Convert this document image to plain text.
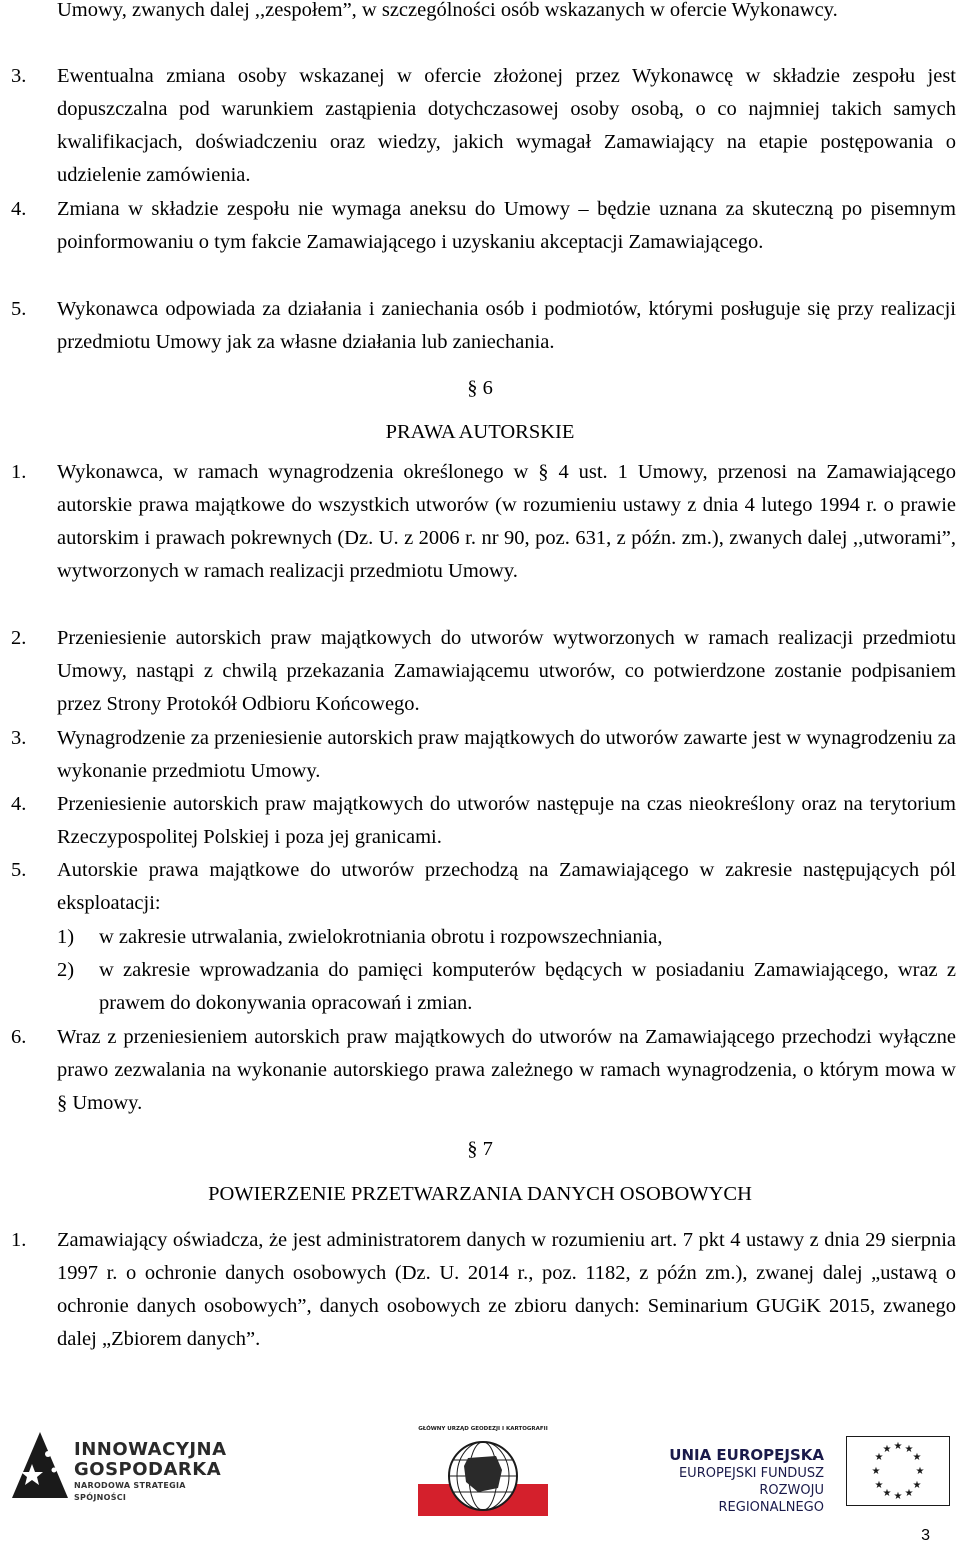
Umowy, zwanych dalej ,,zespołem”, w szczególności osób wskazanych w ofercie Wykonawcy.
3. Ewentualna zmiana osoby wskazanej w ofercie złożonej przez Wykonawcę w składzie zespołu jest dopuszczalna pod warunkiem zastąpienia dotychczasowej osoby osobą, o co najmniej takich samych kwalifikacjach, doświadczeniu oraz wiedzy, jakich wymagał Zamawiający na etapie postępowania o udzielenie zamówienia.
4. Zmiana w składzie zespołu nie wymaga aneksu do Umowy – będzie uznana za skuteczną po pisemnym poinformowaniu o tym fakcie Zamawiającego i uzyskaniu akceptacji Zamawiającego.
5. Wykonawca odpowiada za działania i zaniechania osób i podmiotów, którymi posługuje się przy realizacji przedmiotu Umowy jak za własne działania lub zaniechania.
§ 6
PRAWA AUTORSKIE
1. Wykonawca, w ramach wynagrodzenia określonego w § 4 ust. 1 Umowy, przenosi na Zamawiającego autorskie prawa majątkowe do wszystkich utworów (w rozumieniu ustawy z dnia 4 lutego 1994 r. o prawie autorskim i prawach pokrewnych (Dz. U. z 2006 r. nr 90, poz. 631, z późn. zm.), zwanych dalej ,,utworami”, wytworzonych w ramach realizacji przedmiotu Umowy.
2. Przeniesienie autorskich praw majątkowych do utworów wytworzonych w ramach realizacji przedmiotu Umowy, nastąpi z chwilą przekazania Zamawiającemu utworów, co potwierdzone zostanie podpisaniem przez Strony Protokół Odbioru Końcowego.
3. Wynagrodzenie za przeniesienie autorskich praw majątkowych do utworów zawarte jest w wynagrodzeniu za wykonanie przedmiotu Umowy.
4. Przeniesienie autorskich praw majątkowych do utworów następuje na czas nieokreślony oraz na terytorium Rzeczypospolitej Polskiej i poza jej granicami.
5. Autorskie prawa majątkowe do utworów przechodzą na Zamawiającego w zakresie następujących pól eksploatacji:
1) w zakresie utrwalania, zwielokrotniania obrotu i rozpowszechniania,
2) w zakresie wprowadzania do pamięci komputerów będących w posiadaniu Zamawiającego, wraz z prawem do dokonywania opracowań i zmian.
6. Wraz z przeniesieniem autorskich praw majątkowych do utworów na Zamawiającego przechodzi wyłączne prawo zezwalania na wykonanie autorskiego prawa zależnego w ramach wynagrodzenia, o którym mowa w § Umowy.
§ 7
POWIERZENIE PRZETWARZANIA DANYCH OSOBOWYCH
1. Zamawiający oświadcza, że jest administratorem danych w rozumieniu art. 7 pkt 4 ustawy z dnia 29 sierpnia 1997 r. o ochronie danych osobowych (Dz. U. 2014 r., poz. 1182, z późn zm.), zwanej dalej „ustawą o ochronie danych osobowych”, danych osobowych ze zbioru danych: Seminarium GUGiK 2015, zwanego dalej „Zbiorem danych”.
INNOWACYJNA
GOSPODARKA
NARODOWA STRATEGIA SPÓJNOŚCI
GŁÓWNY URZĄD GEODEZJI I KARTOGRAFII
UNIA EUROPEJSKA
EUROPEJSKI FUNDUSZ
ROZWOJU REGIONALNEGO
★ ★
★
★
★
★
★
★
★
★
★
★
3
